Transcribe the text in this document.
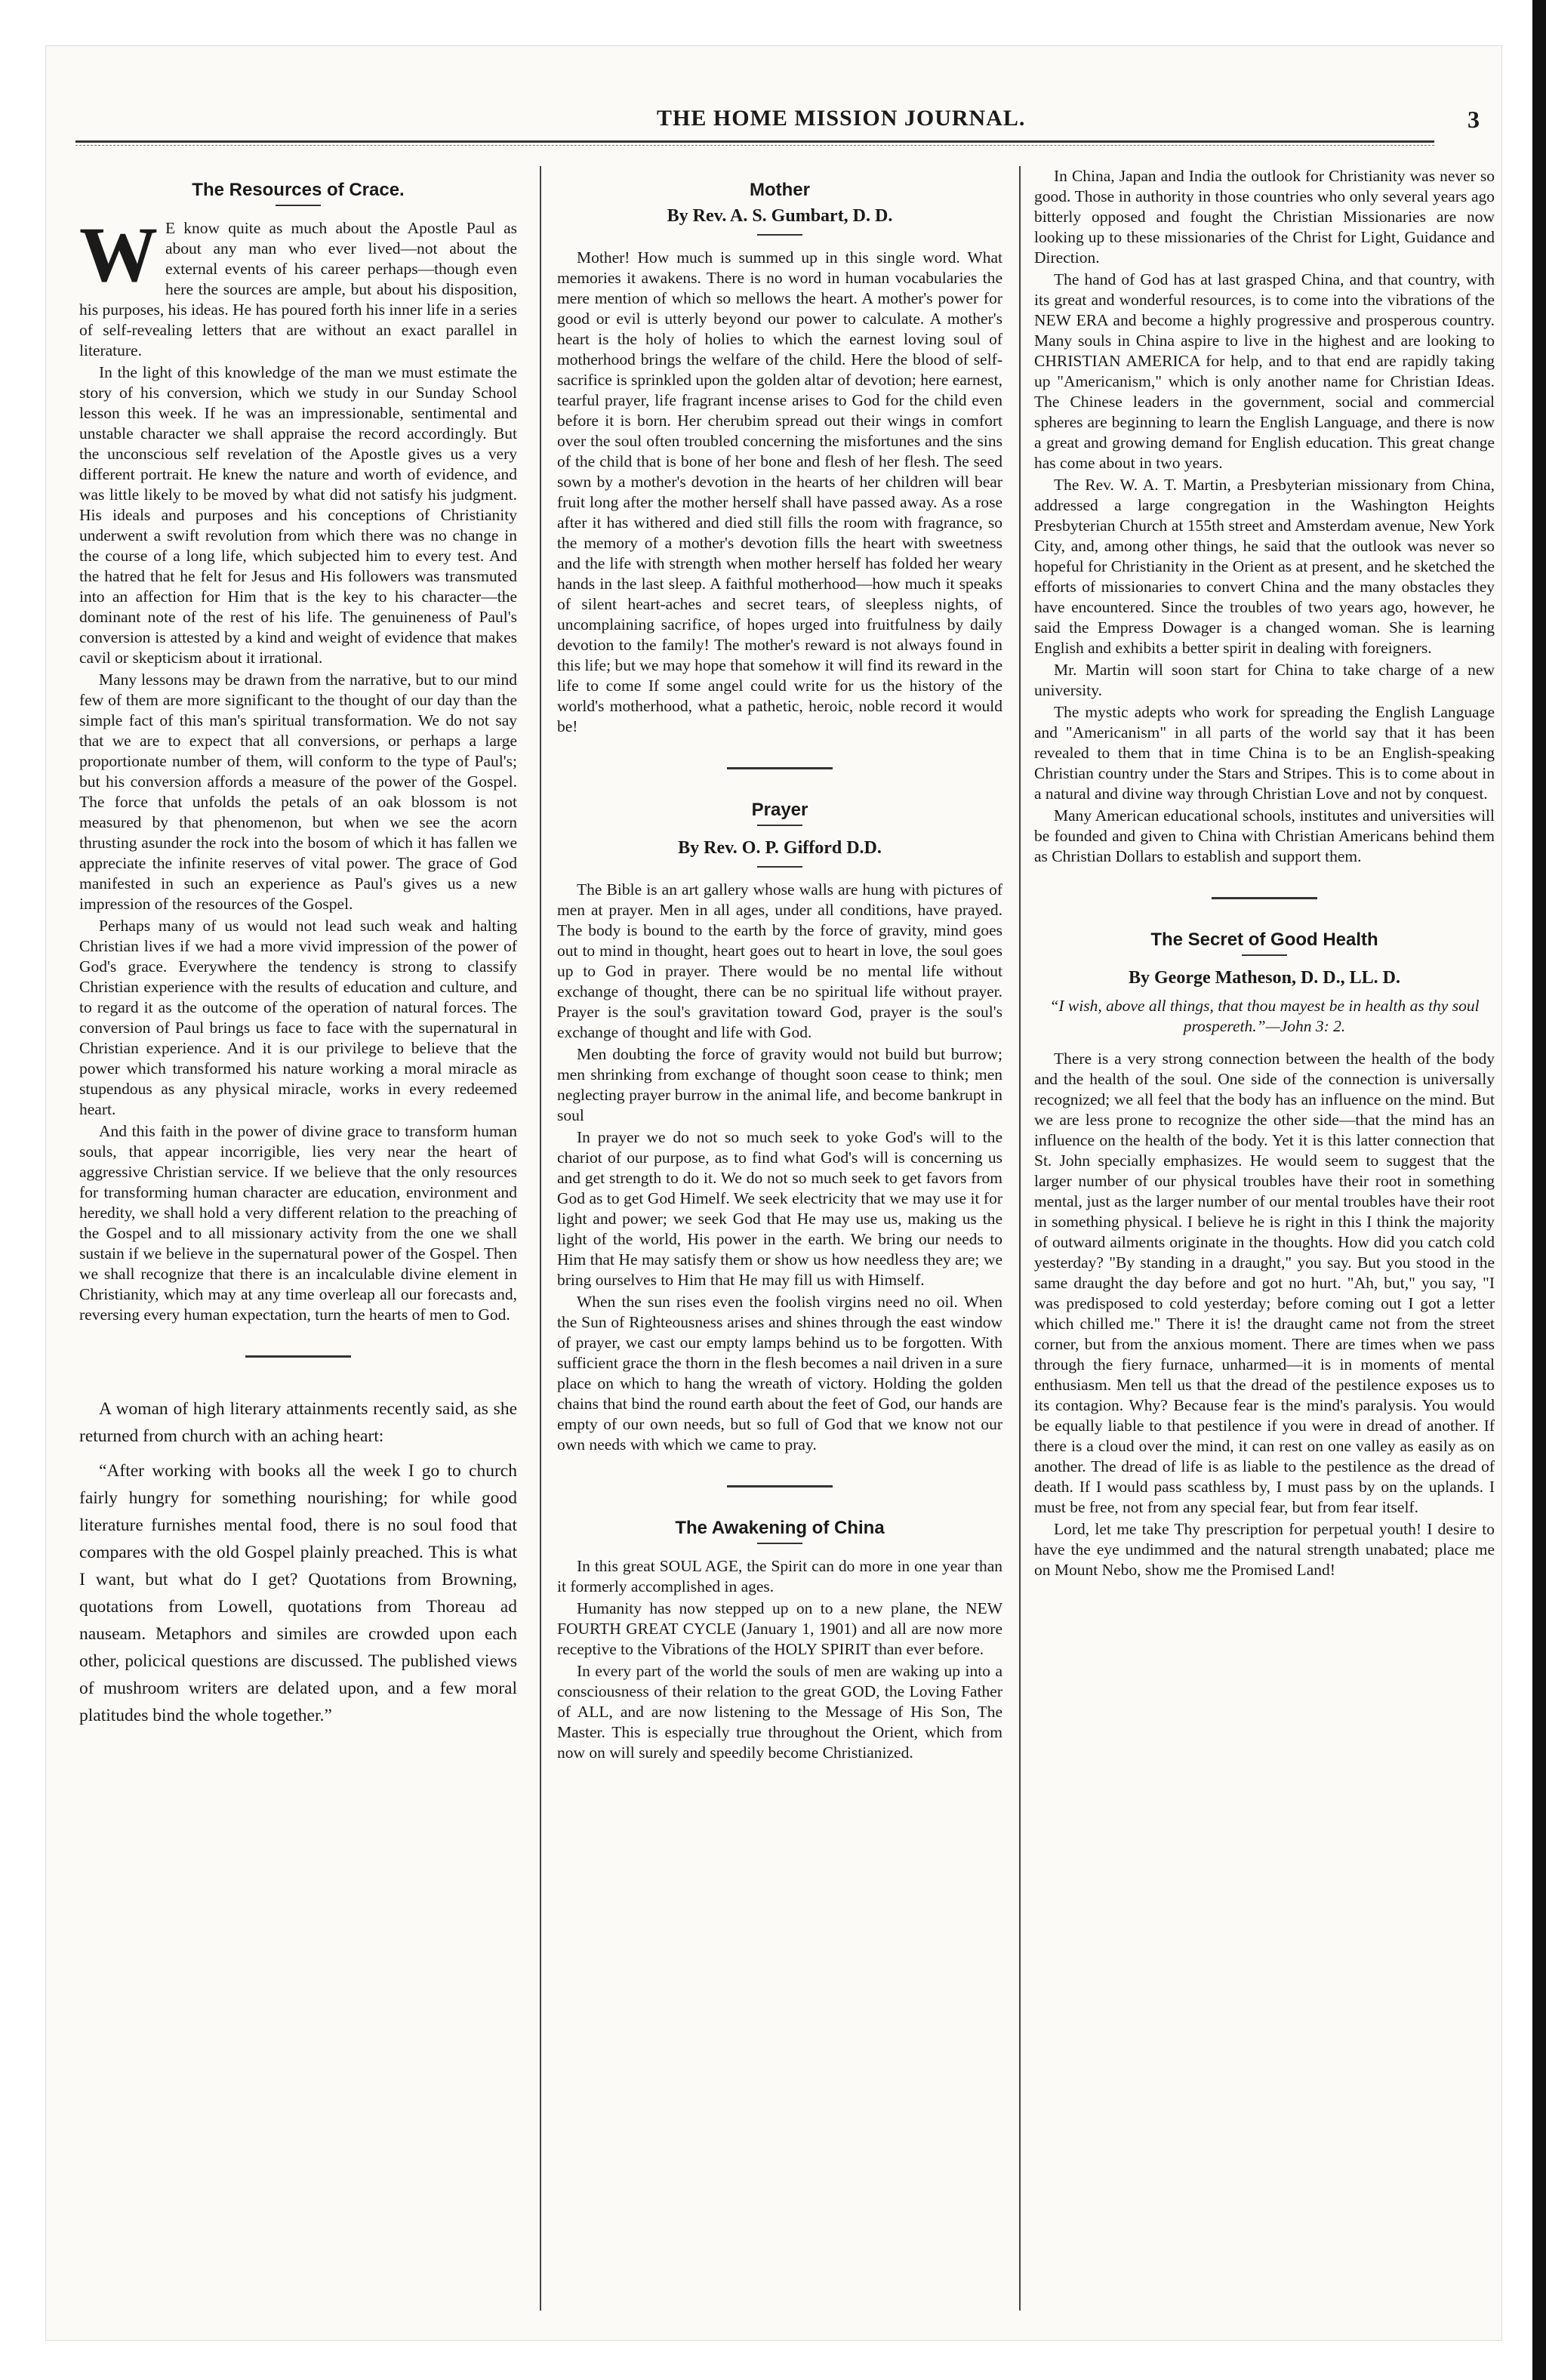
THE HOME MISSION JOURNAL.	3
The Resources of Crace.

W E know quite as much about the Apostle Paul as about any man who ever lived—not about the external events of his career perhaps—though even here the sources are ample, but about his disposition, his purposes, his ideas. He has poured forth his inner life in a series of self-revealing letters that are without an exact parallel in literature.

In the light of this knowledge of the man we must estimate the story of his conversion, which we study in our Sunday School lesson this week. If he was an impressionable, sentimental and unstable character we shall appraise the record accordingly. But the unconscious self revelation of the Apostle gives us a very different portrait. He knew the nature and worth of evidence, and was little likely to be moved by what did not satisfy his judgment. His ideals and purposes and his conceptions of Christianity underwent a swift revolution from which there was no change in the course of a long life, which subjected him to every test. And the hatred that he felt for Jesus and His followers was transmuted into an affection for Him that is the key to his character—the dominant note of the rest of his life. The genuineness of Paul's conversion is attested by a kind and weight of evidence that makes cavil or skepticism about it irrational.

Many lessons may be drawn from the narrative, but to our mind few of them are more significant to the thought of our day than the simple fact of this man's spiritual transformation. We do not say that we are to expect that all conversions, or perhaps a large proportionate number of them, will conform to the type of Paul's; but his conversion affords a measure of the power of the Gospel. The force that unfolds the petals of an oak blossom is not measured by that phenomenon, but when we see the acorn thrusting asunder the rock into the bosom of which it has fallen we appreciate the infinite reserves of vital power. The grace of God manifested in such an experience as Paul's gives us a new impression of the resources of the Gospel.

Perhaps many of us would not lead such weak and halting Christian lives if we had a more vivid impression of the power of God's grace. Everywhere the tendency is strong to classify Christian experience with the results of education and culture, and to regard it as the outcome of the operation of natural forces. The conversion of Paul brings us face to face with the supernatural in Christian experience. And it is our privilege to believe that the power which transformed his nature working a moral miracle as stupendous as any physical miracle, works in every redeemed heart.

And this faith in the power of divine grace to transform human souls, that appear incorrigible, lies very near the heart of aggressive Christian service. If we believe that the only resources for transforming human character are education, environment and heredity, we shall hold a very different relation to the preaching of the Gospel and to all missionary activity from the one we shall sustain if we believe in the supernatural power of the Gospel. Then we shall recognize that there is an incalculable divine element in Christianity, which may at any time overleap all our forecasts and, reversing every human expectation, turn the hearts of men to God.

A woman of high literary attainments recently said, as she returned from church with an aching heart:

“After working with books all the week I go to church fairly hungry for something nourishing; for while good literature furnishes mental food, there is no soul food that compares with the old Gospel plainly preached. This is what I want, but what do I get? Quotations from Browning, quotations from Lowell, quotations from Thoreau ad nauseam. Metaphors and similes are crowded upon each other, policical questions are discussed. The published views of mushroom writers are delated upon, and a few moral platitudes bind the whole together.”

Mother
By Rev. A. S. Gumbart, D. D.

Mother! How much is summed up in this single word. What memories it awakens. There is no word in human vocabularies the mere mention of which so mellows the heart. A mother's power for good or evil is utterly beyond our power to calculate. A mother's heart is the holy of holies to which the earnest loving soul of motherhood brings the welfare of the child. Here the blood of self-sacrifice is sprinkled upon the golden altar of devotion; here earnest, tearful prayer, life fragrant incense arises to God for the child even before it is born. Her cherubim spread out their wings in comfort over the soul often troubled concerning the misfortunes and the sins of the child that is bone of her bone and flesh of her flesh. The seed sown by a mother's devotion in the hearts of her children will bear fruit long after the mother herself shall have passed away. As a rose after it has withered and died still fills the room with fragrance, so the memory of a mother's devotion fills the heart with sweetness and the life with strength when mother herself has folded her weary hands in the last sleep. A faithful motherhood—how much it speaks of silent heart-aches and secret tears, of sleepless nights, of uncomplaining sacrifice, of hopes urged into fruitfulness by daily devotion to the family! The mother's reward is not always found in this life; but we may hope that somehow it will find its reward in the life to come If some angel could write for us the history of the world's motherhood, what a pathetic, heroic, noble record it would be!

Prayer
By Rev. O. P. Gifford D.D.

The Bible is an art gallery whose walls are hung with pictures of men at prayer. Men in all ages, under all conditions, have prayed. The body is bound to the earth by the force of gravity, mind goes out to mind in thought, heart goes out to heart in love, the soul goes up to God in prayer. There would be no mental life without exchange of thought, there can be no spiritual life without prayer. Prayer is the soul's gravitation toward God, prayer is the soul's exchange of thought and life with God.

Men doubting the force of gravity would not build but burrow; men shrinking from exchange of thought soon cease to think; men neglecting prayer burrow in the animal life, and become bankrupt in soul

In prayer we do not so much seek to yoke God's will to the chariot of our purpose, as to find what God's will is concerning us and get strength to do it. We do not so much seek to get favors from God as to get God Himelf. We seek electricity that we may use it for light and power; we seek God that He may use us, making us the light of the world, His power in the earth. We bring our needs to Him that He may satisfy them or show us how needless they are; we bring ourselves to Him that He may fill us with Himself.

When the sun rises even the foolish virgins need no oil. When the Sun of Righteousness arises and shines through the east window of prayer, we cast our empty lamps behind us to be forgotten. With sufficient grace the thorn in the flesh becomes a nail driven in a sure place on which to hang the wreath of victory. Holding the golden chains that bind the round earth about the feet of God, our hands are empty of our own needs, but so full of God that we know not our own needs with which we came to pray.

The Awakening of China

In this great SOUL AGE, the Spirit can do more in one year than it formerly accomplished in ages.

Humanity has now stepped up on to a new plane, the NEW FOURTH GREAT CYCLE (January 1, 1901) and all are now more receptive to the Vibrations of the HOLY SPIRIT than ever before.

In every part of the world the souls of men are waking up into a consciousness of their relation to the great GOD, the Loving Father of ALL, and are now listening to the Message of His Son, The Master. This is especially true throughout the Orient, which from now on will surely and speedily become Christianized.

In China, Japan and India the outlook for Christianity was never so good. Those in authority in those countries who only several years ago bitterly opposed and fought the Christian Missionaries are now looking up to these missionaries of the Christ for Light, Guidance and Direction.

The hand of God has at last grasped China, and that country, with its great and wonderful resources, is to come into the vibrations of the NEW ERA and become a highly progressive and prosperous country. Many souls in China aspire to live in the highest and are looking to CHRISTIAN AMERICA for help, and to that end are rapidly taking up "Americanism," which is only another name for Christian Ideas. The Chinese leaders in the government, social and commercial spheres are beginning to learn the English Language, and there is now a great and growing demand for English education. This great change has come about in two years.

The Rev. W. A. T. Martin, a Presbyterian missionary from China, addressed a large congregation in the Washington Heights Presbyterian Church at 155th street and Amsterdam avenue, New York City, and, among other things, he said that the outlook was never so hopeful for Christianity in the Orient as at present, and he sketched the efforts of missionaries to convert China and the many obstacles they have encountered. Since the troubles of two years ago, however, he said the Empress Dowager is a changed woman. She is learning English and exhibits a better spirit in dealing with foreigners.

Mr. Martin will soon start for China to take charge of a new university.

The mystic adepts who work for spreading the English Language and "Americanism" in all parts of the world say that it has been revealed to them that in time China is to be an English-speaking Christian country under the Stars and Stripes. This is to come about in a natural and divine way through Christian Love and not by conquest.

Many American educational schools, institutes and universities will be founded and given to China with Christian Americans behind them as Christian Dollars to establish and support them.

The Secret of Good Health
By George Matheson, D. D., LL. D.

“I wish, above all things, that thou mayest be in health as thy soul prospereth.”—John 3: 2.

There is a very strong connection between the health of the body and the health of the soul. One side of the connection is universally recognized; we all feel that the body has an influence on the mind. But we are less prone to recognize the other side—that the mind has an influence on the health of the body. Yet it is this latter connection that St. John specially emphasizes. He would seem to suggest that the larger number of our physical troubles have their root in something mental, just as the larger number of our mental troubles have their root in something physical. I believe he is right in this I think the majority of outward ailments originate in the thoughts. How did you catch cold yesterday? "By standing in a draught," you say. But you stood in the same draught the day before and got no hurt. "Ah, but," you say, "I was predisposed to cold yesterday; before coming out I got a letter which chilled me." There it is! the draught came not from the street corner, but from the anxious moment. There are times when we pass through the fiery furnace, unharmed—it is in moments of mental enthusiasm. Men tell us that the dread of the pestilence exposes us to its contagion. Why? Because fear is the mind's paralysis. You would be equally liable to that pestilence if you were in dread of another. If there is a cloud over the mind, it can rest on one valley as easily as on another. The dread of life is as liable to the pestilence as the dread of death. If I would pass scathless by, I must pass by on the uplands. I must be free, not from any special fear, but from fear itself.

Lord, let me take Thy prescription for perpetual youth! I desire to have the eye undimmed and the natural strength unabated; place me on Mount Nebo, show me the Promised Land!
